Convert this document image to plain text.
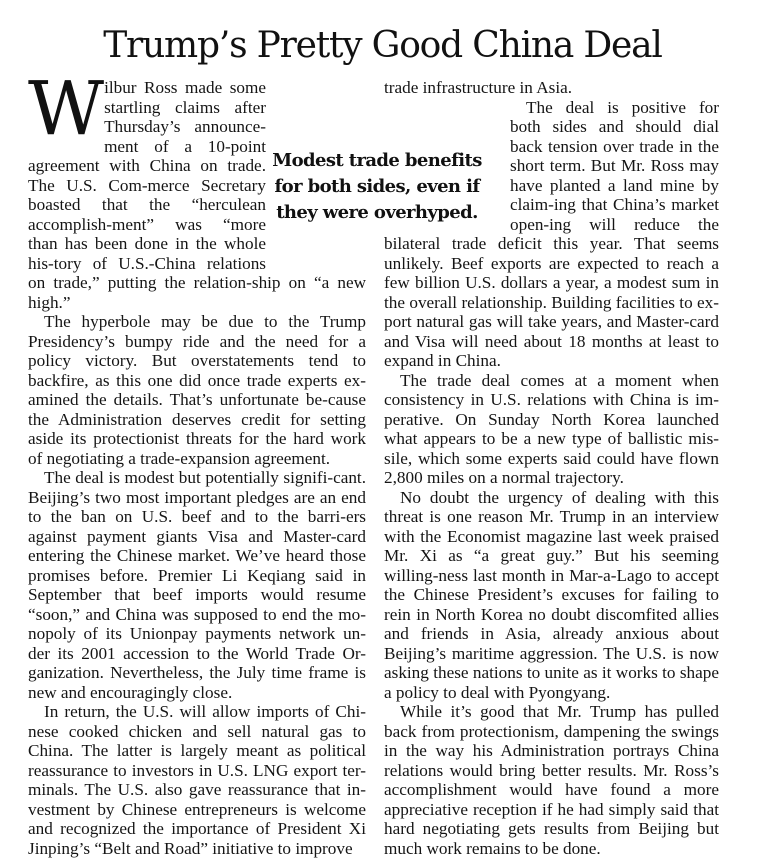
Trump’s Pretty Good China Deal

Wilbur Ross made some startling claims after Thursday’s announce-ment of a 10-point agreement with China on trade. The U.S. Com-merce Secretary boasted that the “herculean accomplish-ment” was “more than has been done in the whole his-tory of U.S.-China relations on trade,” putting the relation-ship on “a new high.”

The hyperbole may be due to the Trump Presidency’s bumpy ride and the need for a policy victory. But overstatements tend to backfire, as this one did once trade experts ex-amined the details. That’s unfortunate be-cause the Administration deserves credit for setting aside its protectionist threats for the hard work of negotiating a trade-expansion agreement.

The deal is modest but potentially signifi-cant. Beijing’s two most important pledges are an end to the ban on U.S. beef and to the barri-ers against payment giants Visa and Master-card entering the Chinese market. We’ve heard those promises before. Premier Li Keqiang said in September that beef imports would resume “soon,” and China was supposed to end the mo-nopoly of its Unionpay payments network un-der its 2001 accession to the World Trade Or-ganization. Nevertheless, the July time frame is new and encouragingly close.

In return, the U.S. will allow imports of Chi-nese cooked chicken and sell natural gas to China. The latter is largely meant as political reassurance to investors in U.S. LNG export ter-minals. The U.S. also gave reassurance that in-vestment by Chinese entrepreneurs is welcome and recognized the importance of President Xi Jinping’s “Belt and Road” initiative to improve

trade infrastructure in Asia.

The deal is positive for both sides and should dial back tension over trade in the short term. But Mr. Ross may have planted a land mine by claim-ing that China’s market open-ing will reduce the bilateral trade deficit this year. That seems unlikely. Beef exports are expected to reach a few billion U.S. dollars a year, a modest sum in the overall relationship. Building facilities to ex-port natural gas will take years, and Master-card and Visa will need about 18 months at least to expand in China.

The trade deal comes at a moment when consistency in U.S. relations with China is im-perative. On Sunday North Korea launched what appears to be a new type of ballistic mis-sile, which some experts said could have flown 2,800 miles on a normal trajectory.

No doubt the urgency of dealing with this threat is one reason Mr. Trump in an interview with the Economist magazine last week praised Mr. Xi as “a great guy.” But his seeming willing-ness last month in Mar-a-Lago to accept the Chinese President’s excuses for failing to rein in North Korea no doubt discomfited allies and friends in Asia, already anxious about Beijing’s maritime aggression. The U.S. is now asking these nations to unite as it works to shape a policy to deal with Pyongyang.

While it’s good that Mr. Trump has pulled back from protectionism, dampening the swings in the way his Administration portrays China relations would bring better results. Mr. Ross’s accomplishment would have found a more appreciative reception if he had simply said that hard negotiating gets results from Beijing but much work remains to be done.

Modest trade benefits for both sides, even if they were overhyped.
